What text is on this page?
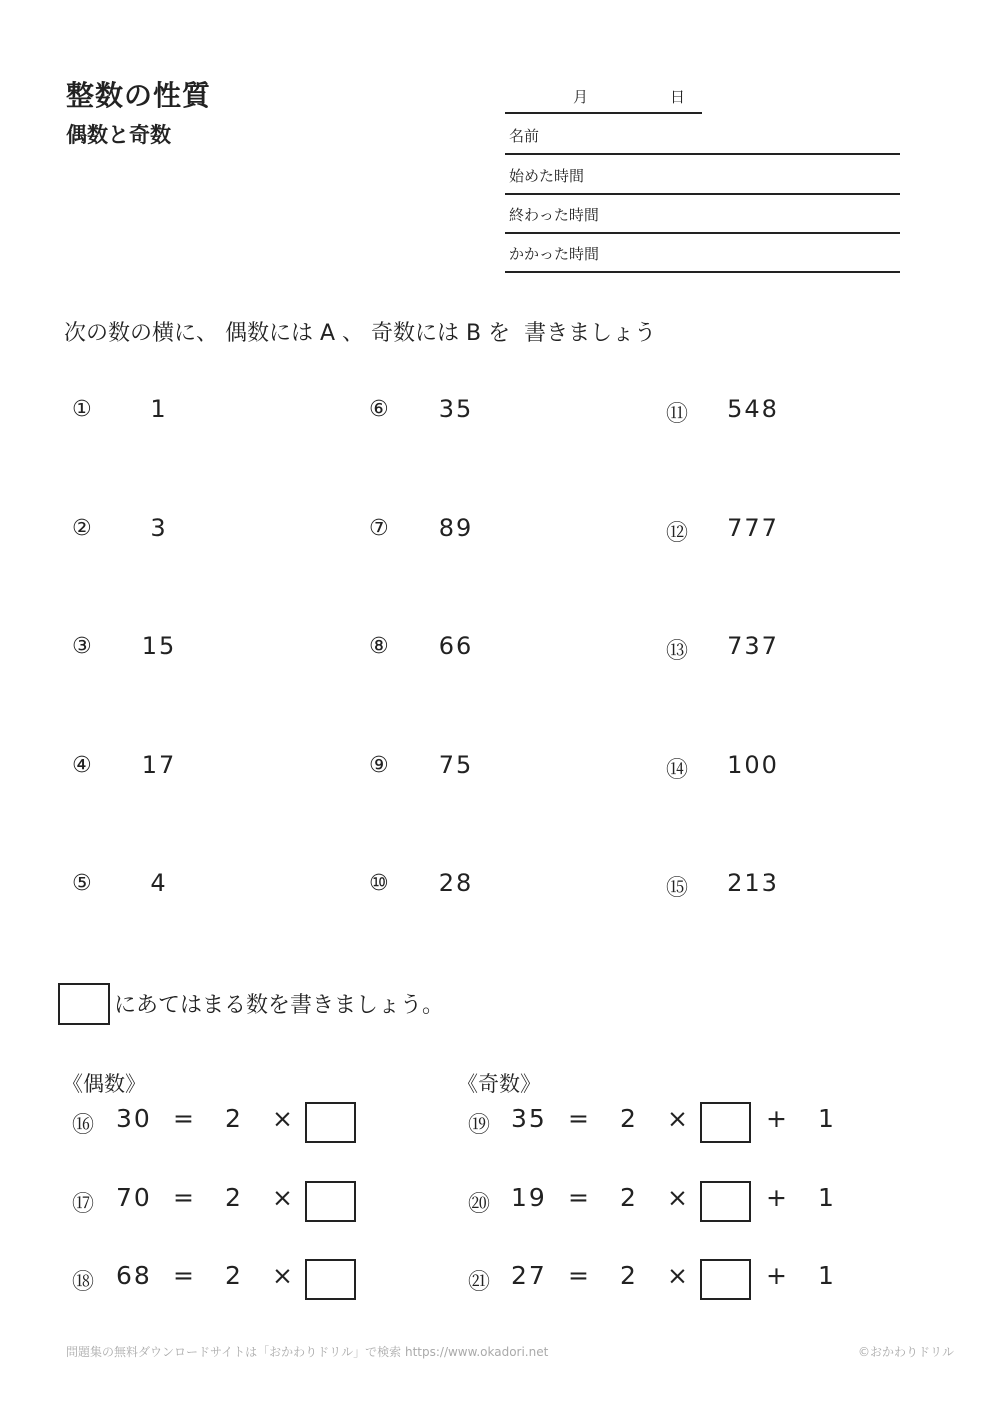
整数の性質
偶数と奇数
月	日
名前
始めた時間
終わった時間
かかった時間
次の数の横に、 偶数には A 、 奇数には B を  書きましょう
①	1
②	3
③	15
④	17
⑤	4
⑥	35
⑦	89
⑧	66
⑨	75
⑩	28
⑪	548
⑫	777
⑬	737
⑭	100
⑮	213
にあてはまる数を書きましょう。
《偶数》	《奇数》
⑯ 30 = 2 ×
⑰ 70 = 2 ×
⑱ 68 = 2 ×
⑲ 35 = 2 ×	+ 1
⑳ 19 = 2 ×	+ 1
㉑ 27 = 2 ×	+ 1
問題集の無料ダウンロードサイトは「おかわりドリル」で検索 https://www.okadori.net	©おかわりドリル
